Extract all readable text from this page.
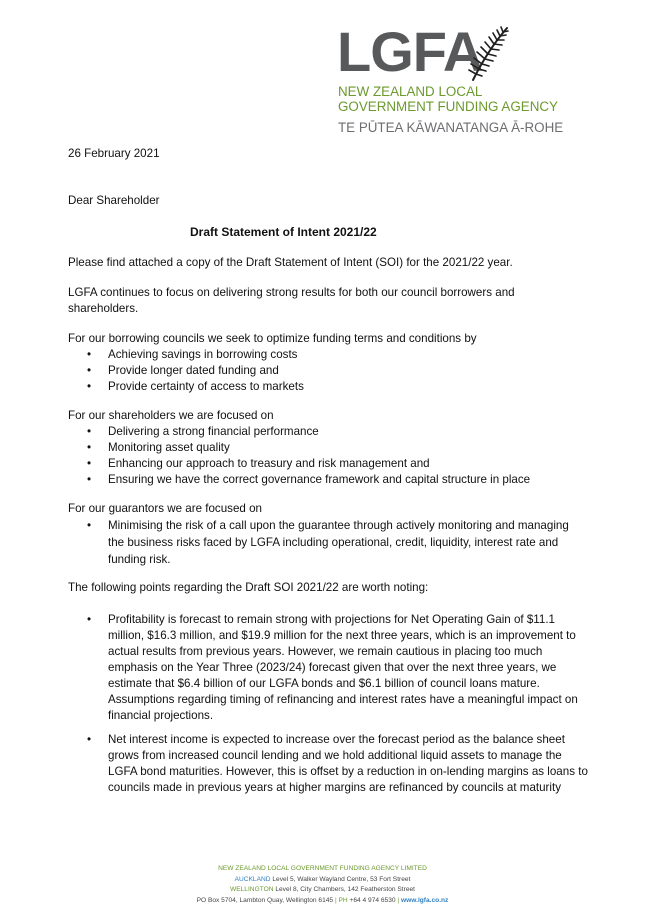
LGFA
NEW ZEALAND LOCAL
GOVERNMENT FUNDING AGENCY
TE PŪTEA KĀWANATANGA Ā-ROHE

26 February 2021

Dear Shareholder

Draft Statement of Intent 2021/22

Please find attached a copy of the Draft Statement of Intent (SOI) for the 2021/22 year.

LGFA continues to focus on delivering strong results for both our council borrowers and shareholders.

For our borrowing councils we seek to optimize funding terms and conditions by

• Achieving savings in borrowing costs
• Provide longer dated funding and
• Provide certainty of access to markets

For our shareholders we are focused on

• Delivering a strong financial performance
• Monitoring asset quality
• Enhancing our approach to treasury and risk management and
• Ensuring we have the correct governance framework and capital structure in place

For our guarantors we are focused on

• Minimising the risk of a call upon the guarantee through actively monitoring and managing the business risks faced by LGFA including operational, credit, liquidity, interest rate and funding risk.

The following points regarding the Draft SOI 2021/22 are worth noting:

• Profitability is forecast to remain strong with projections for Net Operating Gain of $11.1 million, $16.3 million, and $19.9 million for the next three years, which is an improvement to actual results from previous years. However, we remain cautious in placing too much emphasis on the Year Three (2023/24) forecast given that over the next three years, we estimate that $6.4 billion of our LGFA bonds and $6.1 billion of council loans mature. Assumptions regarding timing of refinancing and interest rates have a meaningful impact on financial projections.
• Net interest income is expected to increase over the forecast period as the balance sheet grows from increased council lending and we hold additional liquid assets to manage the LGFA bond maturities. However, this is offset by a reduction in on-lending margins as loans to councils made in previous years at higher margins are refinanced by councils at maturity
NEW ZEALAND LOCAL GOVERNMENT FUNDING AGENCY LIMITED
AUCKLAND Level 5, Walker Wayland Centre, 53 Fort Street
WELLINGTON Level 8, City Chambers, 142 Featherston Street
PO Box 5704, Lambton Quay, Wellington 6145 | PH +64 4 974 6530 | www.lgfa.co.nz
